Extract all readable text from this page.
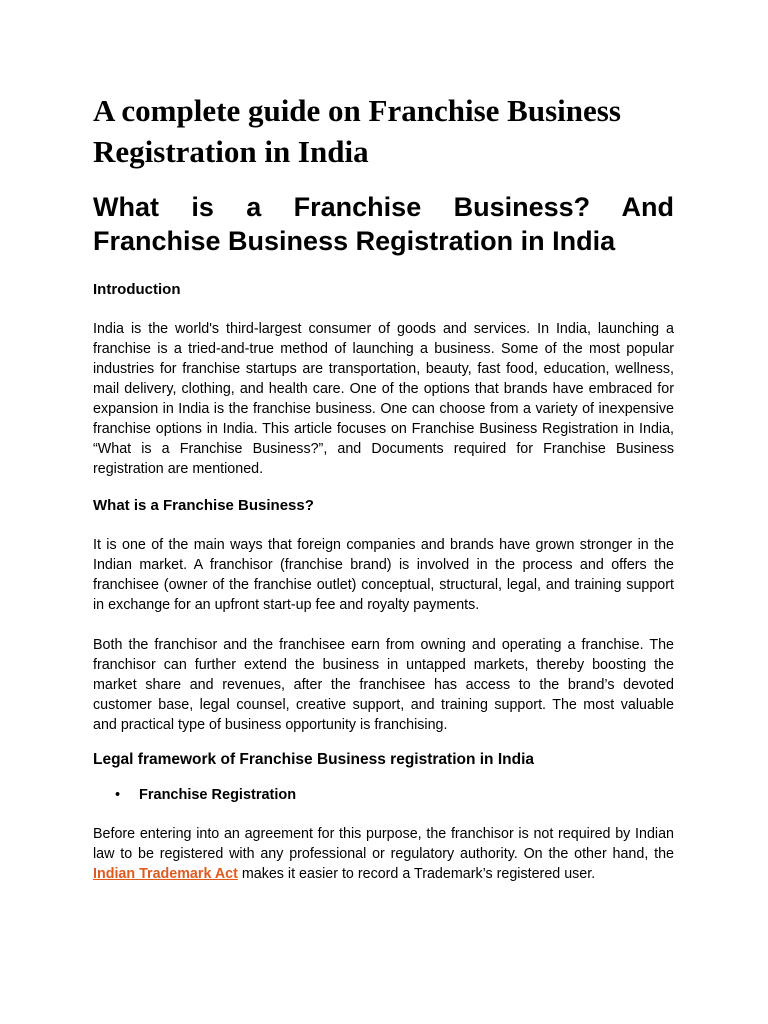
A complete guide on Franchise Business Registration in India
What is a Franchise Business? And Franchise Business Registration in India
Introduction

India is the world's third-largest consumer of goods and services. In India, launching a franchise is a tried-and-true method of launching a business. Some of the most popular industries for franchise startups are transportation, beauty, fast food, education, wellness, mail delivery, clothing, and health care. One of the options that brands have embraced for expansion in India is the franchise business. One can choose from a variety of inexpensive franchise options in India. This article focuses on Franchise Business Registration in India, “What is a Franchise Business?”, and Documents required for Franchise Business registration are mentioned.

What is a Franchise Business?

It is one of the main ways that foreign companies and brands have grown stronger in the Indian market. A franchisor (franchise brand) is involved in the process and offers the franchisee (owner of the franchise outlet) conceptual, structural, legal, and training support in exchange for an upfront start-up fee and royalty payments.

Both the franchisor and the franchisee earn from owning and operating a franchise. The franchisor can further extend the business in untapped markets, thereby boosting the market share and revenues, after the franchisee has access to the brand’s devoted customer base, legal counsel, creative support, and training support. The most valuable and practical type of business opportunity is franchising.

Legal framework of Franchise Business registration in India
• Franchise Registration

Before entering into an agreement for this purpose, the franchisor is not required by Indian law to be registered with any professional or regulatory authority. On the other hand, the Indian Trademark Act makes it easier to record a Trademark’s registered user.
